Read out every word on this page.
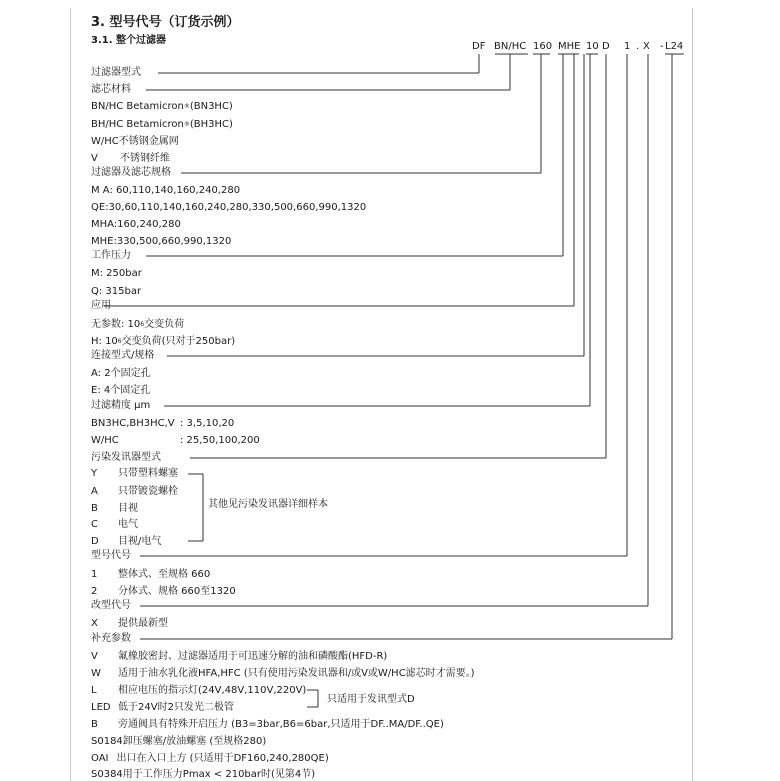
3. 型号代号（订货示例）
3.1. 整个过滤器
DF BN/HC 160 MHE 10 D 1 . X - L24
过滤器型式
滤芯材料
BN/HC Betamicron®(BN3HC)
BH/HC Betamicron®(BH3HC)
W/HC不锈钢金属网
V 不锈钢纤维
过滤器及滤芯规格
M A: 60,110,140,160,240,280
QE:30,60,110,140,160,240,280,330,500,660,990,1320
MHA:160,240,280
MHE:330,500,660,990,1320
工作压力
M: 250bar
Q: 315bar
应用
无参数: $10^6$交变负荷
H: $10^6$交变负荷(只对于250bar)
连接型式/规格
A: 2个固定孔
E: 4个固定孔
过滤精度 μm
BN3HC,BH3HC,V : 3,5,10,20
W/HC	: 25,50,100,200
污染发讯器型式
Y 只带塑料螺塞
A 只带镀瓷螺栓
B 目视
C 电气
D 目视/电气
其他见污染发讯器详细样本
型号代号
1 整体式、至规格 660
2 分体式、规格 660至1320
改型代号
X 提供最新型
补充参数
V 氟橡胶密封、过滤器适用于可迅速分解的油和磷酸酯(HFD-R)
W 适用于油水乳化液HFA,HFC (只有使用污染发讯器和/或V或W/HC滤芯时才需要。)
L 相应电压的指示灯(24V,48V,110V,220V)
LED 低于24V时2只发光二极管
只适用于发讯型式D
B 旁通阀具有特殊开启压力 (B3=3bar,B6=6bar,只适用于DF..MA/DF..QE)
S0184卸压螺塞/放油螺塞 (至规格280)
OAI 出口在入口上方 (只适用于DF160,240,280QE)
S0384用于工作压力Pmax < 210bar时(见第4节)
